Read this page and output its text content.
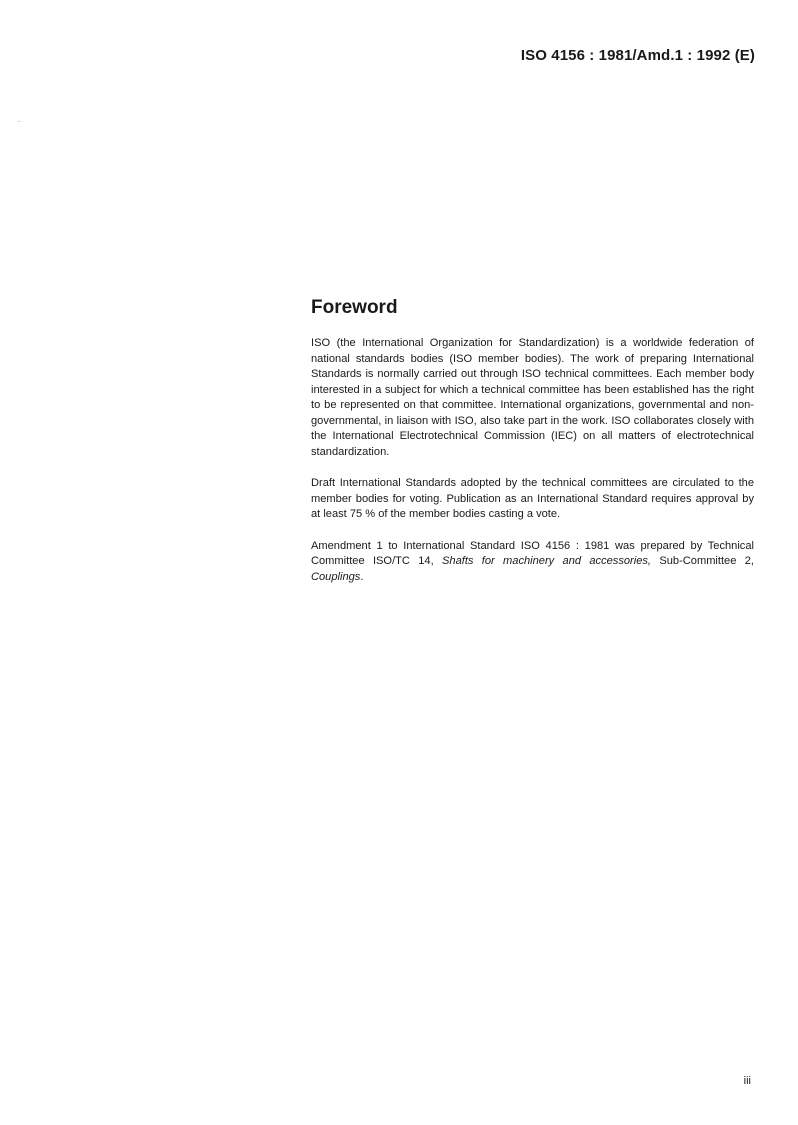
ISO 4156 : 1981/Amd.1 : 1992 (E)
Foreword

ISO (the International Organization for Standardization) is a worldwide federation of national standards bodies (ISO member bodies). The work of preparing International Standards is normally carried out through ISO technical committees. Each member body interested in a subject for which a technical committee has been established has the right to be represented on that committee. International organizations, governmental and non-governmental, in liaison with ISO, also take part in the work. ISO collaborates closely with the International Electrotechnical Commission (IEC) on all matters of electrotechnical standardization.

Draft International Standards adopted by the technical committees are circulated to the member bodies for voting. Publication as an International Standard requires approval by at least 75 % of the member bodies casting a vote.

Amendment 1 to International Standard ISO 4156 : 1981 was prepared by Technical Committee ISO/TC 14, Shafts for machinery and accessories, Sub-Committee 2, Couplings.

iii
